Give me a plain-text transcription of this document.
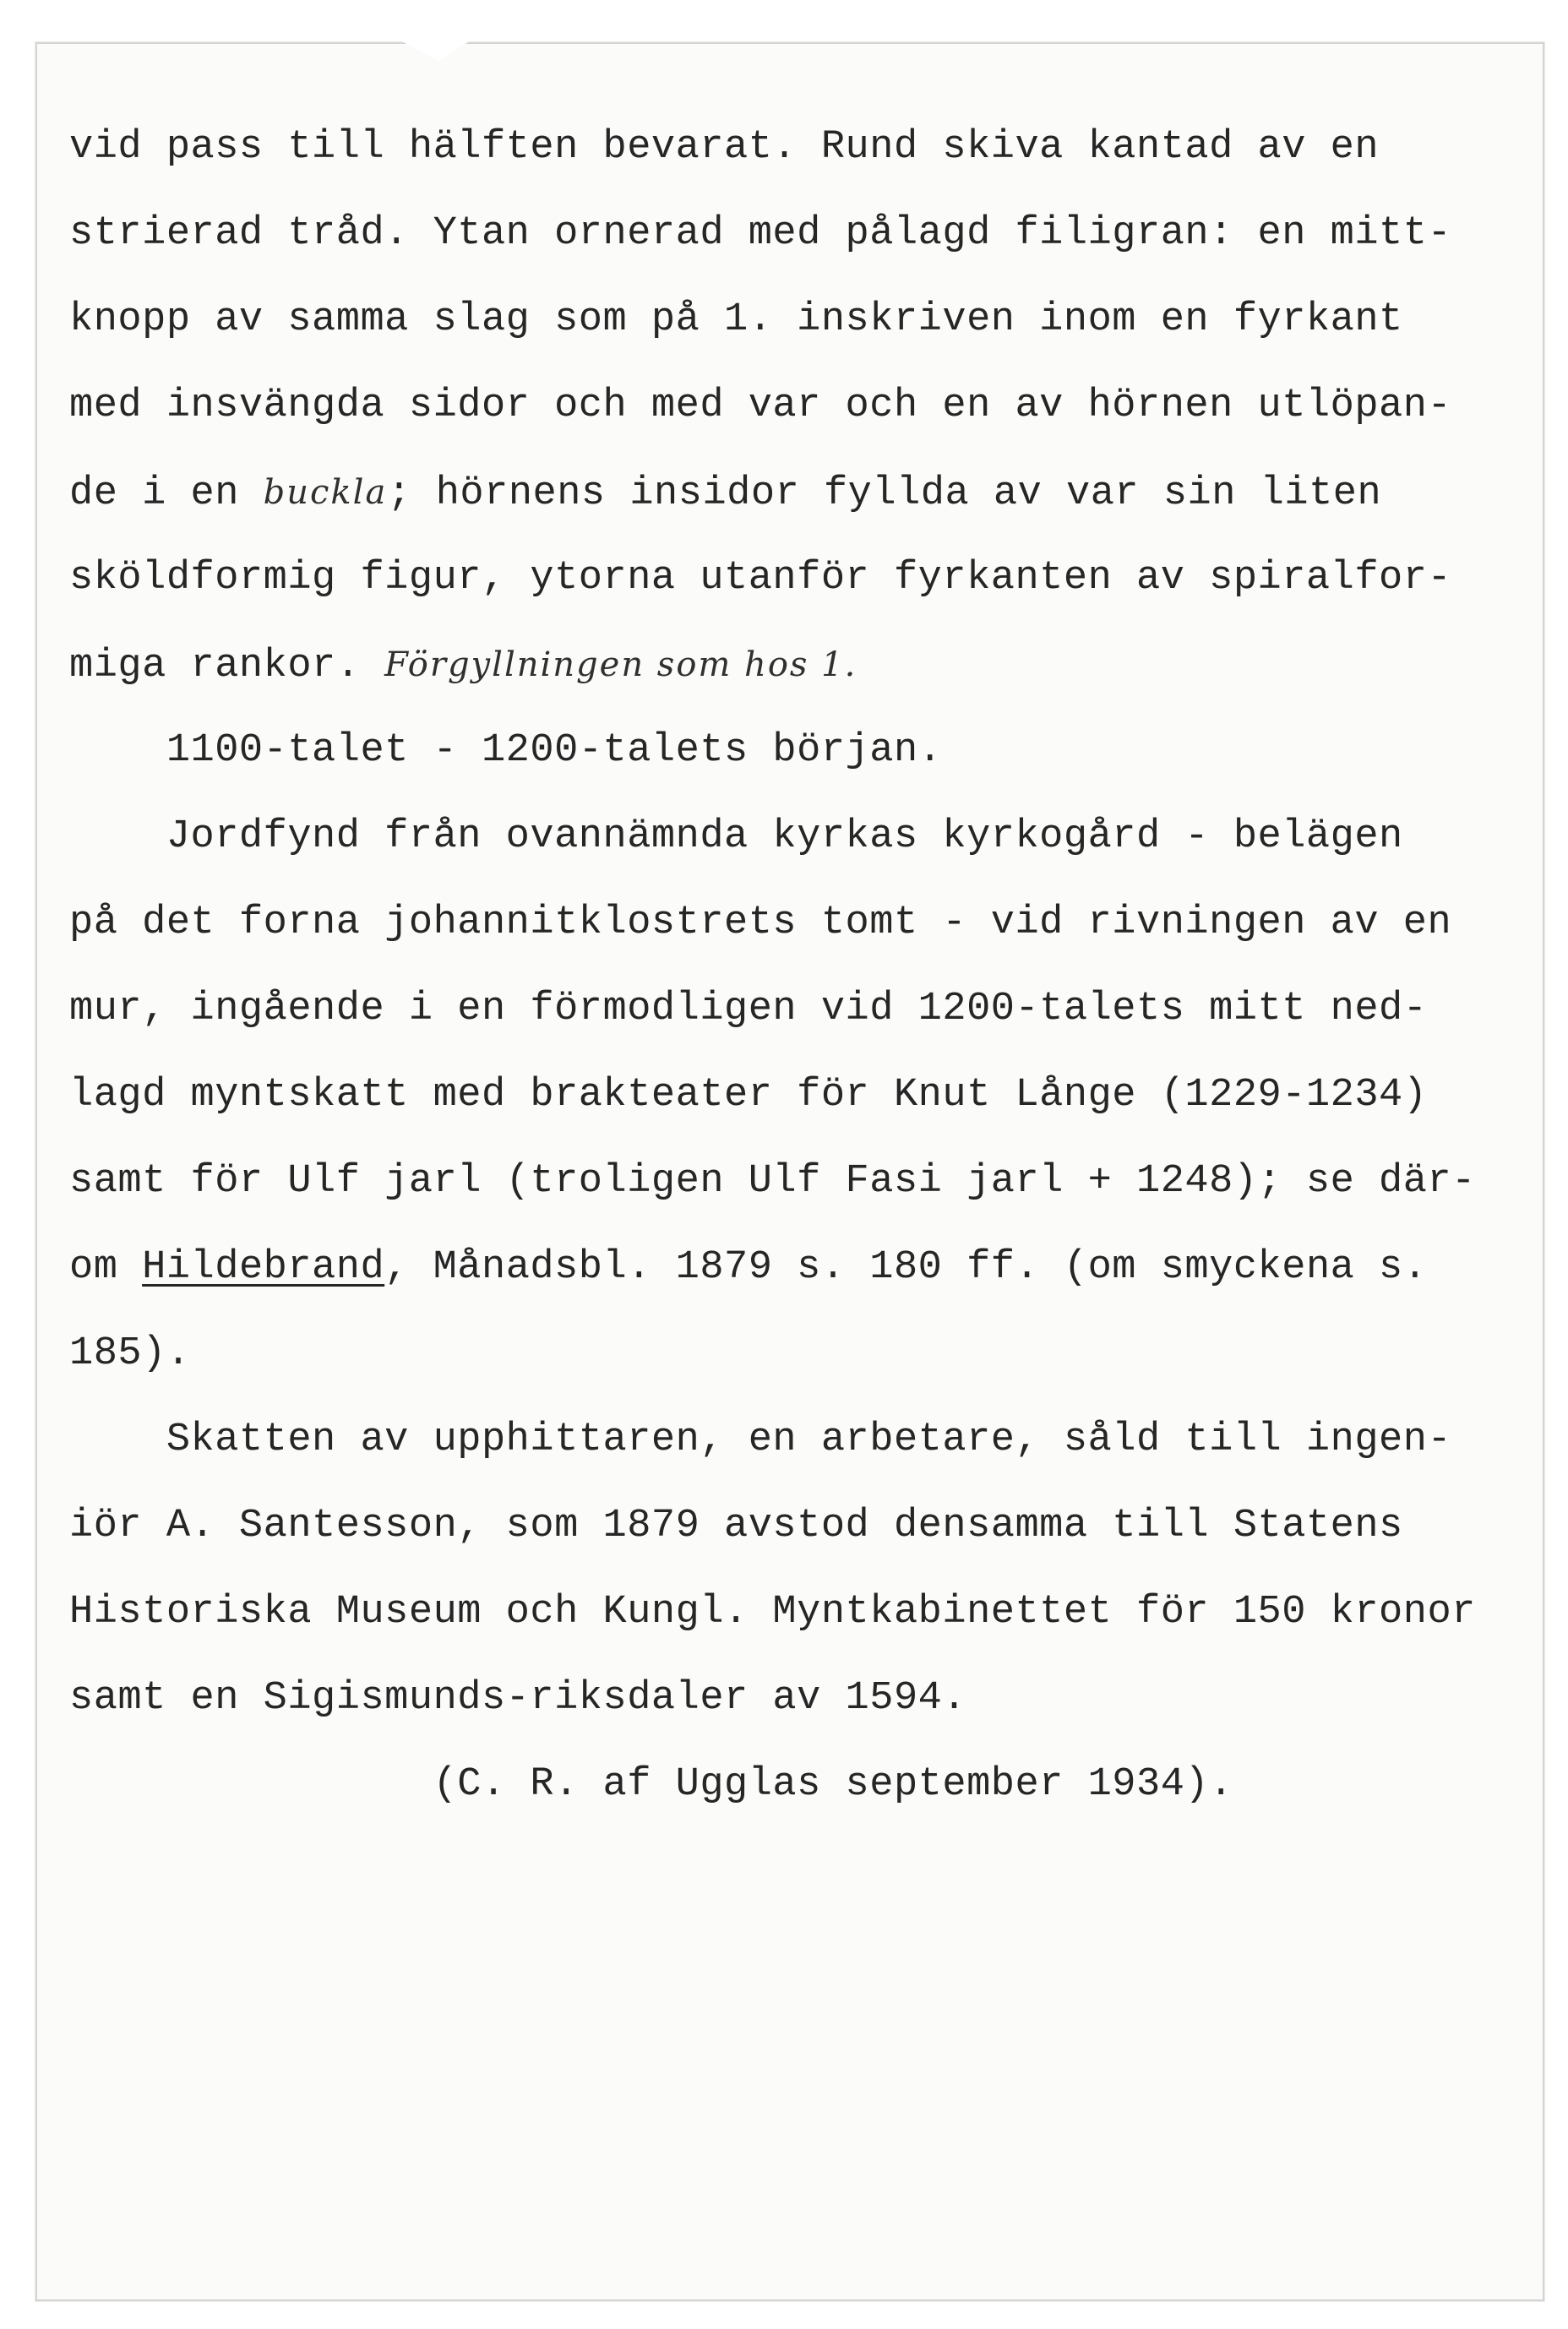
vid pass till hälften bevarat. Rund skiva kantad av en

strierad tråd. Ytan ornerad med pålagd filigran: en mitt-

knopp av samma slag som på 1. inskriven inom en fyrkant

med insvängda sidor och med var och en av hörnen utlöpan-

de i en buckla; hörnens insidor fyllda av var sin liten

sköldformig figur, ytorna utanför fyrkanten av spiralfor-

miga rankor. Förgyllningen som hos 1.

1100-talet - 1200-talets början.

Jordfynd från ovannämnda kyrkas kyrkogård - belägen

på det forna johannitklostrets tomt - vid rivningen av en

mur, ingående i en förmodligen vid 1200-talets mitt ned-

lagd myntskatt med brakteater för Knut Långe (1229-1234)

samt för Ulf jarl (troligen Ulf Fasi jarl + 1248); se där-

om Hildebrand, Månadsbl. 1879 s. 180 ff. (om smyckena s.

185).

Skatten av upphittaren, en arbetare, såld till ingen-

iör A. Santesson, som 1879 avstod densamma till Statens

Historiska Museum och Kungl. Myntkabinettet för 150 kronor

samt en Sigismunds-riksdaler av 1594.

(C. R. af Ugglas september 1934).
